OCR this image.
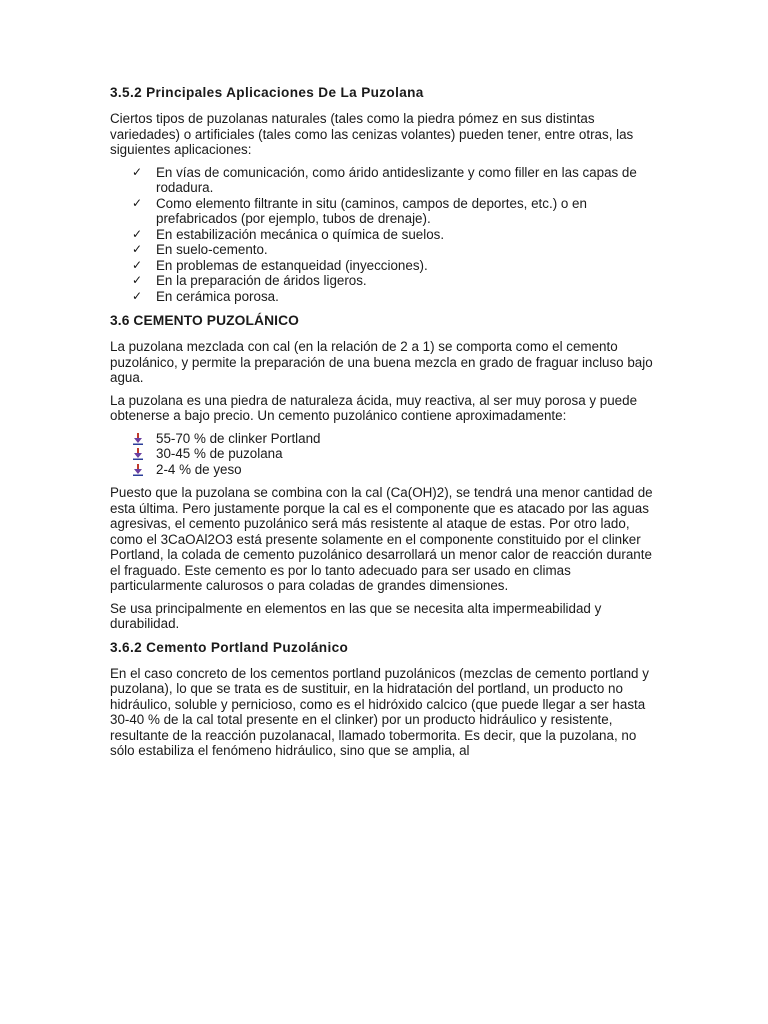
3.5.2 Principales Aplicaciones De La Puzolana

Ciertos tipos de puzolanas naturales (tales como la piedra pómez en sus distintas variedades) o artificiales (tales como las cenizas volantes) pueden tener, entre otras, las siguientes aplicaciones:

✓ En vías de comunicación, como árido antideslizante y como filler en las capas de rodadura.
✓ Como elemento filtrante in situ (caminos, campos de deportes, etc.) o en prefabricados (por ejemplo, tubos de drenaje).
✓ En estabilización mecánica o química de suelos.
✓ En suelo-cemento.
✓ En problemas de estanqueidad (inyecciones).
✓ En la preparación de áridos ligeros.
✓ En cerámica porosa.
3.6 CEMENTO PUZOLÁNICO

La puzolana mezclada con cal (en la relación de 2 a 1) se comporta como el cemento puzolánico, y permite la preparación de una buena mezcla en grado de fraguar incluso bajo agua.

La puzolana es una piedra de naturaleza ácida, muy reactiva, al ser muy porosa y puede obtenerse a bajo precio. Un cemento puzolánico contiene aproximadamente:

55-70 % de clinker Portland
30-45 % de puzolana
2-4 % de yeso

Puesto que la puzolana se combina con la cal (Ca(OH)2), se tendrá una menor cantidad de esta última. Pero justamente porque la cal es el componente que es atacado por las aguas agresivas, el cemento puzolánico será más resistente al ataque de estas. Por otro lado, como el 3CaOAl2O3 está presente solamente en el componente constituido por el clinker Portland, la colada de cemento puzolánico desarrollará un menor calor de reacción durante el fraguado. Este cemento es por lo tanto adecuado para ser usado en climas particularmente calurosos o para coladas de grandes dimensiones.

Se usa principalmente en elementos en las que se necesita alta impermeabilidad y durabilidad.

3.6.2 Cemento Portland Puzolánico

En el caso concreto de los cementos portland puzolánicos (mezclas de cemento portland y puzolana), lo que se trata es de sustituir, en la hidratación del portland, un producto no hidráulico, soluble y pernicioso, como es el hidróxido calcico (que puede llegar a ser hasta 30-40 % de la cal total presente en el clinker) por un producto hidráulico y resistente, resultante de la reacción puzolanacal, llamado tobermorita. Es decir, que la puzolana, no sólo estabiliza el fenómeno hidráulico, sino que se amplia, al
